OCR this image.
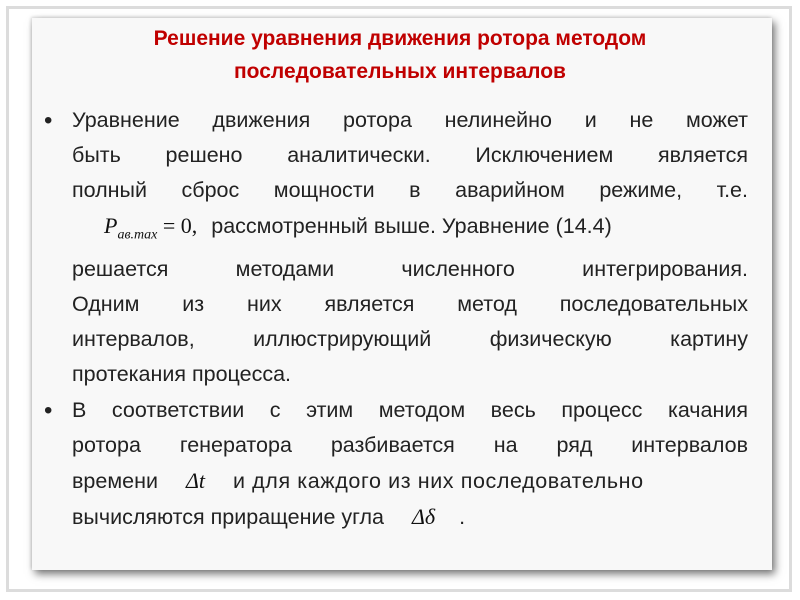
Решение уравнения движения ротора методом
последовательных интервалов
• Уравнение движения ротора нелинейно и не может
быть решено аналитически. Исключением является
полный сброс мощности в аварийном режиме, т.е.
$P_{ав.max} = 0$, рассмотренный выше. Уравнение (14.4)
решается методами численного интегрирования.
Одним из них является метод последовательных
интервалов, иллюстрирующий физическую картину
протекания процесса.
• В соответствии с этим методом весь процесс качания
ротора генератора разбивается на ряд интервалов
времени Δt и для каждого из них последовательно
вычисляются приращение угла Δδ .
